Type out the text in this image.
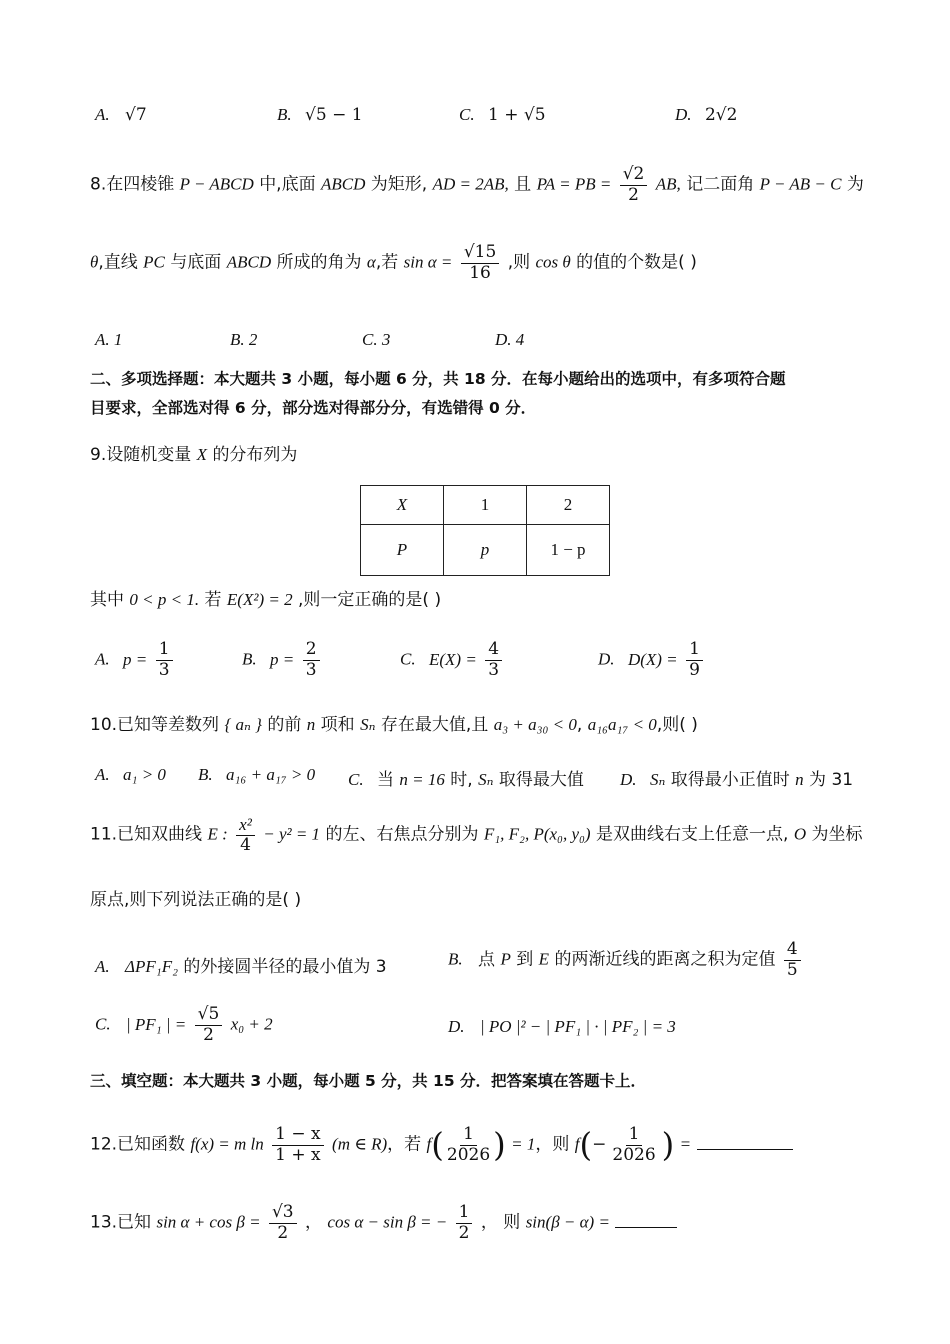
A. √7	B. √5 − 1	C. 1 + √5	D. 2√2
8.在四棱锥 P − ABCD 中,底面 ABCD 为矩形, AD = 2AB, 且 PA = PB = $\frac{√2}{2}$ AB, 记二面角 P − AB − C 为
θ,直线 PC 与底面 ABCD 所成的角为 α,若 $\sin \alpha = \frac{√15}{16}$ ,则 cos θ 的值的个数是( )
A. 1	B. 2	C. 3	D. 4
二、多项选择题：本大题共 3 小题，每小题 6 分，共 18 分．在每小题给出的选项中，有多项符合题
目要求，全部选对得 6 分，部分选对得部分分，有选错得 0 分．
9.设随机变量 X 的分布列为
X	1	2
P	p	1 − p
其中 0 < p < 1. 若 E(X²) = 2 ,则一定正确的是( )
A. $p = \frac{1}{3}$	B. $p = \frac{2}{3}$	C. $E(X) = \frac{4}{3}$	D. $D(X) = \frac{1}{9}$
10.已知等差数列 { aₙ } 的前 n 项和 Sₙ 存在最大值,且 a₃ + a₃₀ < 0, a₁₆a₁₇ < 0,则( )
A. a₁ > 0 B. a₁₆ + a₁₇ > 0 C. 当 n = 16 时, Sₙ 取得最大值 D. Sₙ 取得最小正值时 n 为 31
11.已知双曲线 E : $\frac{\text{x²}}{4} - y^2 = 1$ 的左、右焦点分别为 F₁, F₂, P(x₀, y₀) 是双曲线右支上任意一点, O 为坐标
原点,则下列说法正确的是( )
A. ΔPF₁F₂ 的外接圆半径的最小值为 3	B. 点 P 到 E 的两渐近线的距离之积为定值 $\frac{4}{5}$
C. | PF₁ | = $\frac{√5}{2} x_0 + 2$	D. | PO |² − | PF₁ | · | PF₂ | = 3
三、填空题：本大题共 3 小题，每小题 5 分，共 15 分．把答案填在答题卡上．
12.已知函数 f(x) = m $\ln \frac{1 - x}{1 + x} (m$ ∈ R)，若 $f( \frac{1}{2026}$ ) = 1，则 $f(- \frac{1}{2026}$ ) =
13.已知 $\sin \alpha + \cos \beta = \frac{√3}{2}$ ， cos α − sin β = − $\frac{1}{2}$ ， 则 sin(β − α) =
